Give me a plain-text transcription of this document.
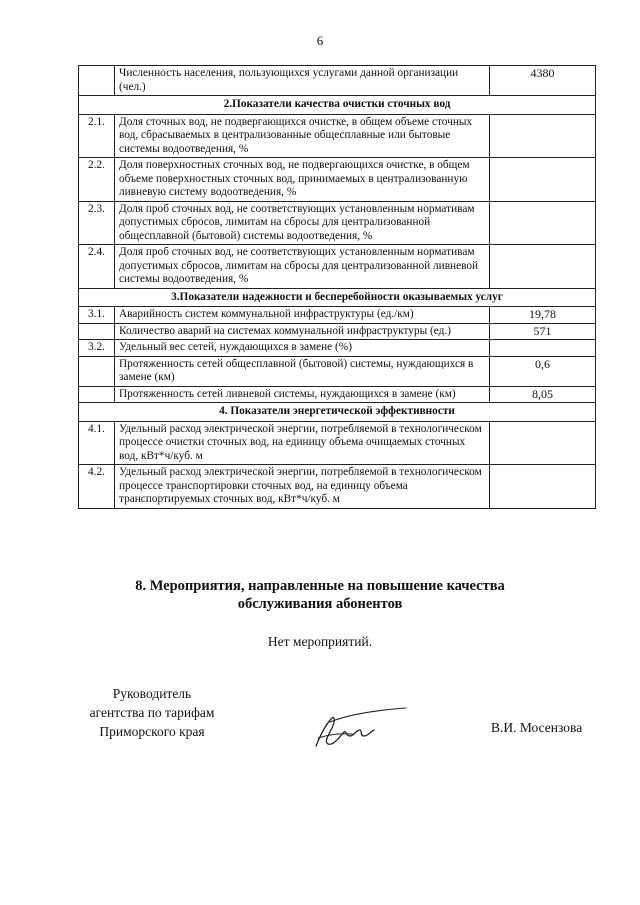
6
	Численность населения, пользующихся услугами данной организации (чел.)	4380
2.Показатели качества очистки сточных вод		
2.1.	Доля сточных вод, не подвергающихся очистке, в общем объеме сточных вод, сбрасываемых в централизованные общесплавные или бытовые системы водоотведения, %	
2.2.	Доля поверхностных сточных вод, не подвергающихся очистке, в общем объеме поверхностных сточных вод, принимаемых в централизованную ливневую систему водоотведения, %	
2.3.	Доля проб сточных вод, не соответствующих установленным нормативам допустимых сбросов, лимитам на сбросы для централизованной общесплавной (бытовой) системы водоотведения, %	
2.4.	Доля проб сточных вод, не соответствующих установленным нормативам допустимых сбросов, лимитам на сбросы для централизованной ливневой системы водоотведения, %	
3.Показатели надежности и бесперебойности оказываемых услуг		
3.1.	Аварийность систем коммунальной инфраструктуры (ед./км)	19,78
	Количество аварий на системах коммунальной инфраструктуры (ед.)	571
3.2.	Удельный вес сетей, нуждающихся в замене (%)	
	Протяженность сетей общесплавной (бытовой) системы, нуждающихся в замене (км)	0,6
	Протяженность сетей ливневой системы, нуждающихся в замене (км)	8,05
4. Показатели энергетической эффективности		
4.1.	Удельный расход электрической энергии, потребляемой в технологическом процессе очистки сточных вод, на единицу объема очищаемых сточных вод, кВт*ч/куб. м	
4.2.	Удельный расход электрической энергии, потребляемой в технологическом процессе транспортировки сточных вод, на единицу объема транспортируемых сточных вод, кВт*ч/куб. м	
8. Мероприятия, направленные на повышение качества
обслуживания абонентов
Нет мероприятий.
Руководитель
агентства по тарифам
Приморского края	В.И. Мосензова
